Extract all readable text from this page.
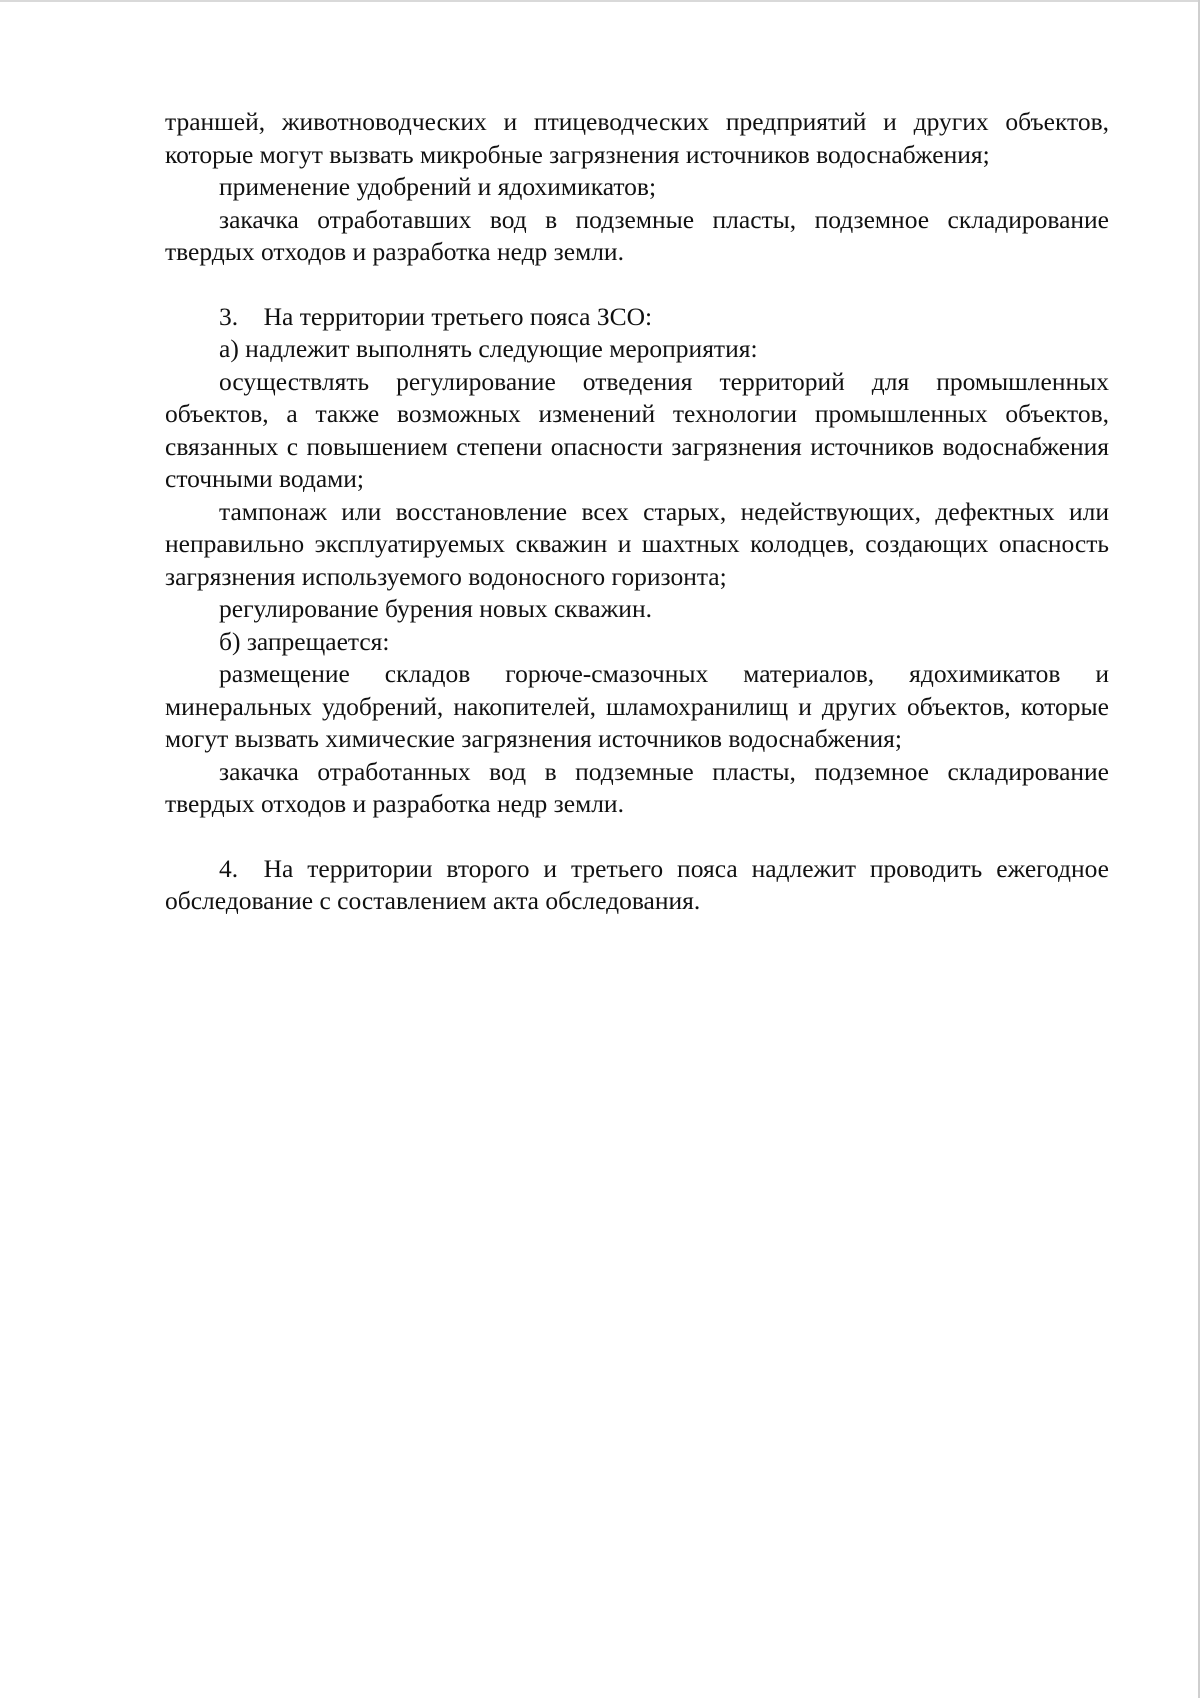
траншей, животноводческих и птицеводческих предприятий и других объектов, которые могут вызвать микробные загрязнения источников водоснабжения;

применение удобрений и ядохимикатов;

закачка отработавших вод в подземные пласты, подземное складирование твердых отходов и разработка недр земли.

3. На территории третьего пояса ЗСО:

а) надлежит выполнять следующие мероприятия:

осуществлять регулирование отведения территорий для промышленных объектов, а также возможных изменений технологии промышленных объектов, связанных с повышением степени опасности загрязнения источников водоснабжения сточными водами;

тампонаж или восстановление всех старых, недействующих, дефектных или неправильно эксплуатируемых скважин и шахтных колодцев, создающих опасность загрязнения используемого водоносного горизонта;

регулирование бурения новых скважин.

б) запрещается:

размещение складов горюче-смазочных материалов, ядохимикатов и минеральных удобрений, накопителей, шламохранилищ и других объектов, которые могут вызвать химические загрязнения источников водоснабжения;

закачка отработанных вод в подземные пласты, подземное складирование твердых отходов и разработка недр земли.

4. На территории второго и третьего пояса надлежит проводить ежегодное обследование с составлением акта обследования.
